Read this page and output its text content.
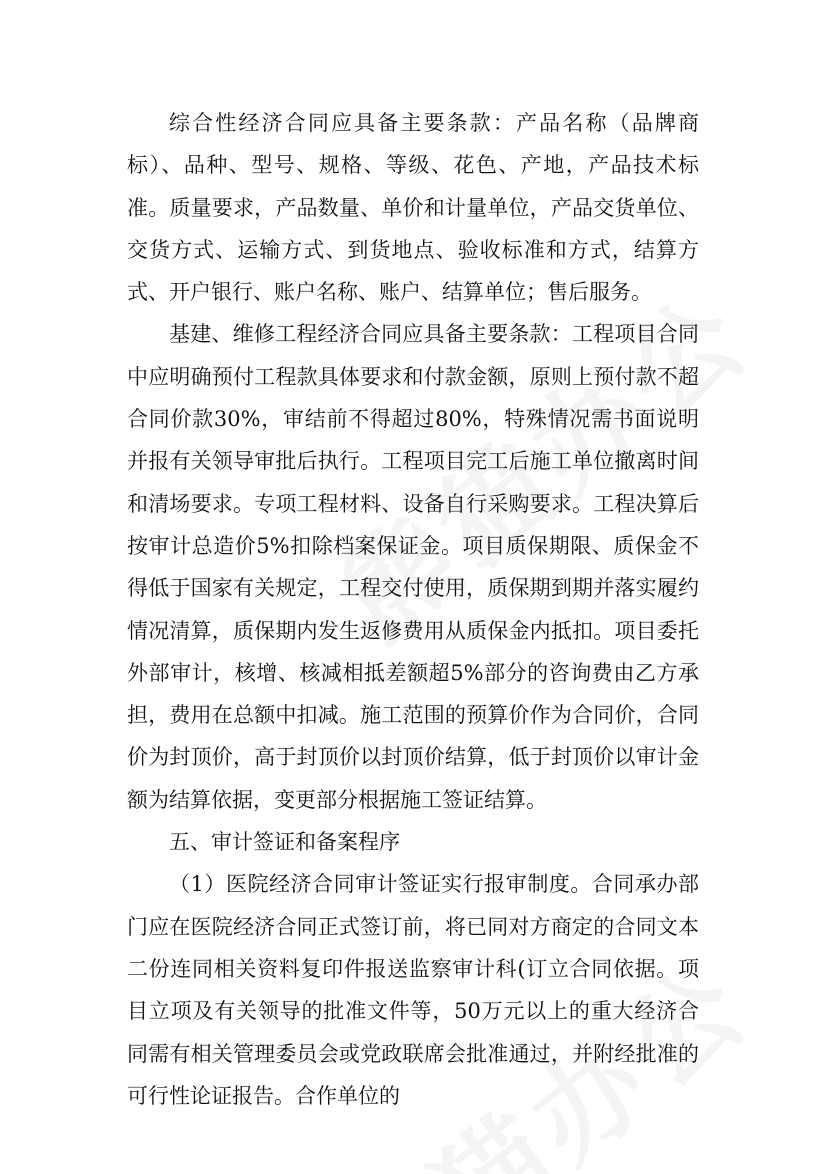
综合性经济合同应具备主要条款：产品名称（品牌商标）、品种、型号、规格、等级、花色、产地，产品技术标准。质量要求，产品数量、单价和计量单位，产品交货单位、交货方式、运输方式、到货地点、验收标准和方式，结算方式、开户银行、账户名称、账户、结算单位；售后服务。

基建、维修工程经济合同应具备主要条款：工程项目合同中应明确预付工程款具体要求和付款金额，原则上预付款不超合同价款30%，审结前不得超过80%，特殊情况需书面说明并报有关领导审批后执行。工程项目完工后施工单位撤离时间和清场要求。专项工程材料、设备自行采购要求。工程决算后按审计总造价5%扣除档案保证金。项目质保期限、质保金不得低于国家有关规定，工程交付使用，质保期到期并落实履约情况清算，质保期内发生返修费用从质保金内抵扣。项目委托外部审计，核增、核减相抵差额超5%部分的咨询费由乙方承担，费用在总额中扣减。施工范围的预算价作为合同价，合同价为封顶价，高于封顶价以封顶价结算，低于封顶价以审计金额为结算依据，变更部分根据施工签证结算。

五、审计签证和备案程序

（1）医院经济合同审计签证实行报审制度。合同承办部门应在医院经济合同正式签订前，将已同对方商定的合同文本二份连同相关资料复印件报送监察审计科(订立合同依据。项目立项及有关领导的批准文件等，50万元以上的重大经济合同需有相关管理委员会或党政联席会批准通过，并附经批准的可行性论证报告。合作单位的
